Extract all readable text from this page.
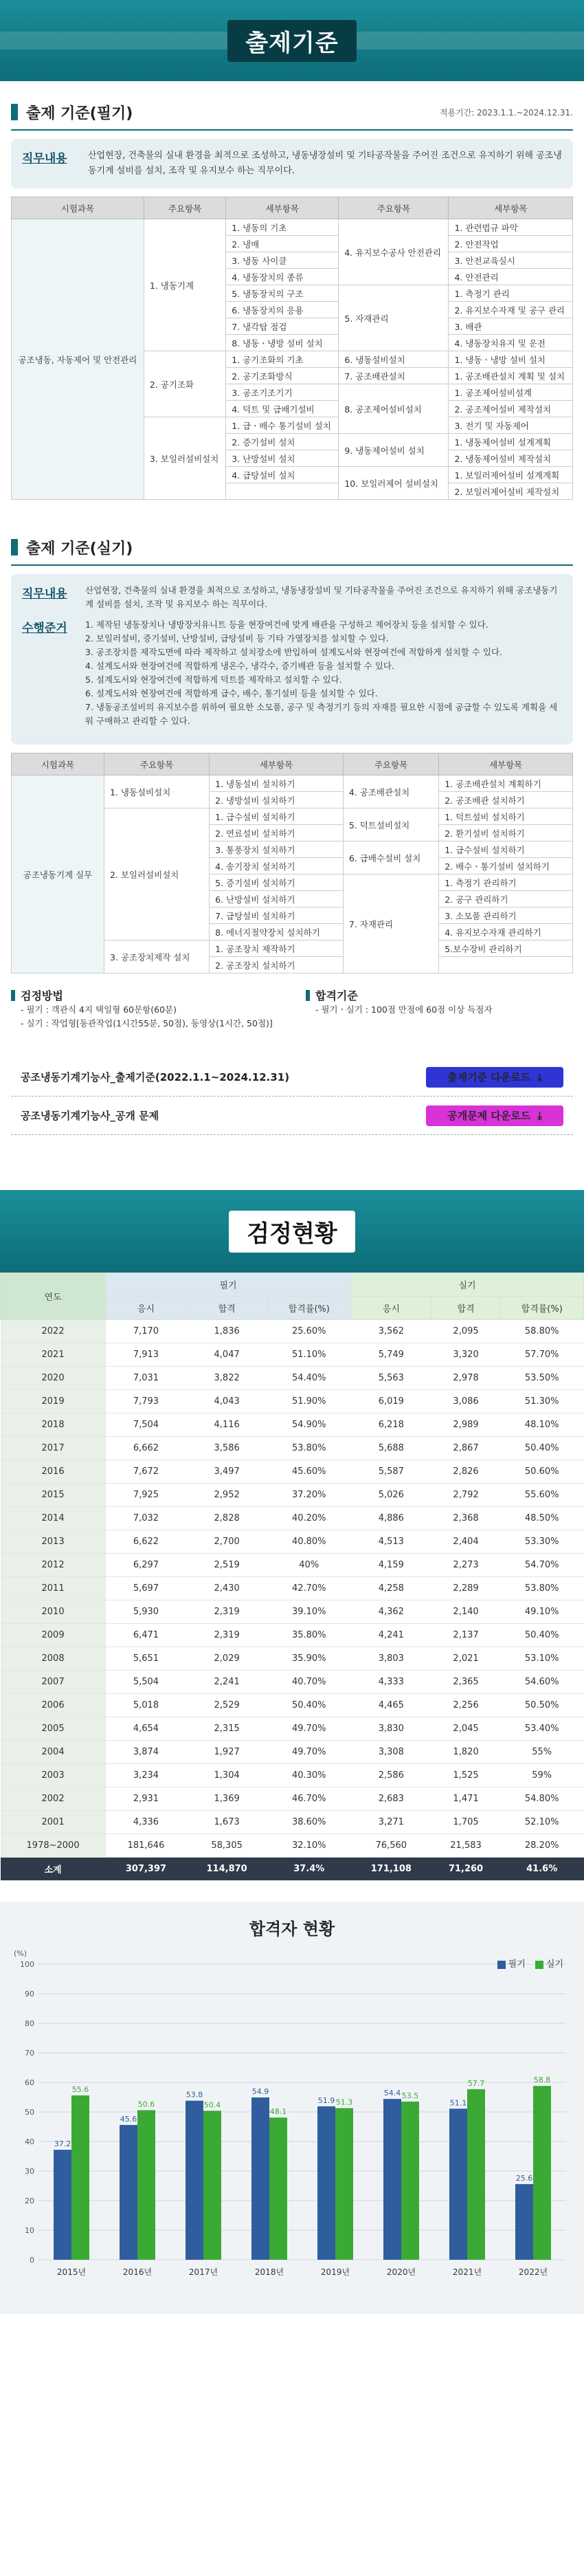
출제기준
출제 기준(필기)	적용기간: 2023.1.1.~2024.12.31.
직무내용	산업현장, 건축물의 실내 환경을 최적으로 조성하고, 냉동냉장설비 및 기타공작물을 주어진 조건으로 유지하기 위해 공조냉동기계 설비를 설치, 조작 및 유지보수 하는 직무이다.
시험과목	주요항목	세부항목	주요항목	세부항목
공조냉동, 자동제어 및 안전관리	1. 냉동기계	1. 냉동의 기초	4. 유지보수공사 안전관리	1. 관련법규 파악
		2. 냉매		2. 안전작업
		3. 냉동 사이클		3. 안전교육실시
		4. 냉동장치의 종류		4. 안전관리
		5. 냉동장치의 구조	5. 자재관리	1. 측정기 관리
		6. 냉동장치의 응용		2. 유지보수자재 및 공구 관리
		7. 냉각탑 점검		3. 배관
		8. 냉동ㆍ냉방 설비 설치		4. 냉동장치유지 및 운전
	2. 공기조화	1. 공기조화의 기초	6. 냉동설비설치	1. 냉동ㆍ냉방 설비 설치
		2. 공기조화방식	7. 공조배관설치	1. 공조배관설치 계획 및 설치
		3. 공조기조기기	8. 공조제어설비설치	1. 공조제어설비설계
		4. 덕트 및 급배기설비		2. 공조제어설비 제작설치
	3. 보일러설비설치	1. 급ㆍ배수 통기설비 설치		3. 전기 및 자동제어
		2. 증기설비 설치	9. 냉동제어설비 설치	1. 냉동제어설비 설계계획
		3. 난방설비 설치		2. 냉동제어설비 제작설치
		4. 급탕설비 설치	10. 보일러제어 설비설치	1. 보일러제어설비 설계계획
				2. 보일러제어설비 제작설치
출제 기준(실기)
직무내용	산업현장, 건축물의 실내 환경을 최적으로 조성하고, 냉동냉장설비 및 기타공작물을 주어진 조건으로 유지하기 위해 공조냉동기계 설비를 설치, 조작 및 유지보수 하는 직무이다.
수행준거	1. 제작된 냉동장치나 냉방장치유니트 등을 현장여건에 맞게 배관을 구성하고 제어장치 등을 설치할 수 있다.
2. 보일러설비, 증기설비, 난방설비, 급탕설비 등 기타 가열장치를 설치할 수 있다.
3. 공조장치를 제작도면에 따라 제작하고 설치장소에 반입하여 설계도서와 현장여건에 적합하게 설치할 수 있다.
4. 설계도서와 현장여건에 적합하게 냉온수, 냉각수, 증기배관 등을 설치할 수 있다.
5. 설계도서와 현장여건에 적합하게 덕트를 제작하고 설치할 수 있다.
6. 설계도서와 현장여건에 적합하게 급수, 배수, 통기설비 등을 설치할 수 있다.
7. 냉동공조설비의 유지보수를 위하여 필요한 소모품, 공구 및 측정기기 등의 자재를 필요한 시점에 공급할 수 있도록 계획을 세워 구매하고 관리할 수 있다.
시험과목	주요항목	세부항목	주요항목	세부항목
공조냉동기계 실무	1. 냉동설비설치	1. 냉동설비 설치하기	4. 공조배관설치	1. 공조배관설치 계획하기
		2. 냉방설비 설치하기		2. 공조배관 설치하기
	2. 보일러설비설치	1. 급수설비 설치하기	5. 덕트설비설치	1. 덕트설비 설치하기
		2. 연료설비 설치하기		2. 환기설비 설치하기
		3. 통풍장치 설치하기	6. 급배수설비 설치	1. 급수설비 설치하기
		4. 송기장치 설치하기		2. 배수ㆍ통기설비 설치하기
		5. 증기설비 설치하기	7. 자재관리	1. 측정기 관리하기
		6. 난방설비 설치하기		2. 공구 관리하기
		7. 급탕설비 설치하기		3. 소모품 관리하기
		8. 에너지절약장치 설치하기		4. 유지보수자재 관리하기
	3. 공조장치제작 설치	1. 공조장치 제작하기		5.보수장비 관리하기
		2. 공조장치 설치하기		
검정방법

- 필기 : 객관식 4지 택일형 60문항(60분)

- 실기 : 작업형[동관작업(1시간55분, 50점), 동영상(1시간, 50점)]

합격기준

- 필기ㆍ실기 : 100점 만점에 60점 이상 득점자

공조냉동기계기능사_출제기준(2022.1.1~2024.12.31)	출제기준 다운로드 ⤓
공조냉동기계기능사_공개 문제	공개문제 다운로드 ⤓
검정현황
연도	필기			실기		
	응시	합격	합격률(%)	응시	합격	합격률(%)
2022	7,170	1,836	25.60%	3,562	2,095	58.80%
2021	7,913	4,047	51.10%	5,749	3,320	57.70%
2020	7,031	3,822	54.40%	5,563	2,978	53.50%
2019	7,793	4,043	51.90%	6,019	3,086	51.30%
2018	7,504	4,116	54.90%	6,218	2,989	48.10%
2017	6,662	3,586	53.80%	5,688	2,867	50.40%
2016	7,672	3,497	45.60%	5,587	2,826	50.60%
2015	7,925	2,952	37.20%	5,026	2,792	55.60%
2014	7,032	2,828	40.20%	4,886	2,368	48.50%
2013	6,622	2,700	40.80%	4,513	2,404	53.30%
2012	6,297	2,519	40%	4,159	2,273	54.70%
2011	5,697	2,430	42.70%	4,258	2,289	53.80%
2010	5,930	2,319	39.10%	4,362	2,140	49.10%
2009	6,471	2,319	35.80%	4,241	2,137	50.40%
2008	5,651	2,029	35.90%	3,803	2,021	53.10%
2007	5,504	2,241	40.70%	4,333	2,365	54.60%
2006	5,018	2,529	50.40%	4,465	2,256	50.50%
2005	4,654	2,315	49.70%	3,830	2,045	53.40%
2004	3,874	1,927	49.70%	3,308	1,820	55%
2003	3,234	1,304	40.30%	2,586	1,525	59%
2002	2,931	1,369	46.70%	2,683	1,471	54.80%
2001	4,336	1,673	38.60%	3,271	1,705	52.10%
1978~2000	181,646	58,305	32.10%	76,560	21,583	28.20%
소계	307,397	114,870	37.4%	171,108	71,260	41.6%
합격자 현황
필기	실기
(%)
0
10
20
30
40
50
60
70
80
90
100
37.2
55.6
2015년
45.6
50.6
2016년
53.8
50.4
2017년
54.9
48.1
2018년
51.9 51.3
2019년
54.4 53.5
2020년
51.1
57.7
2021년
25.6
58.8
2022년
